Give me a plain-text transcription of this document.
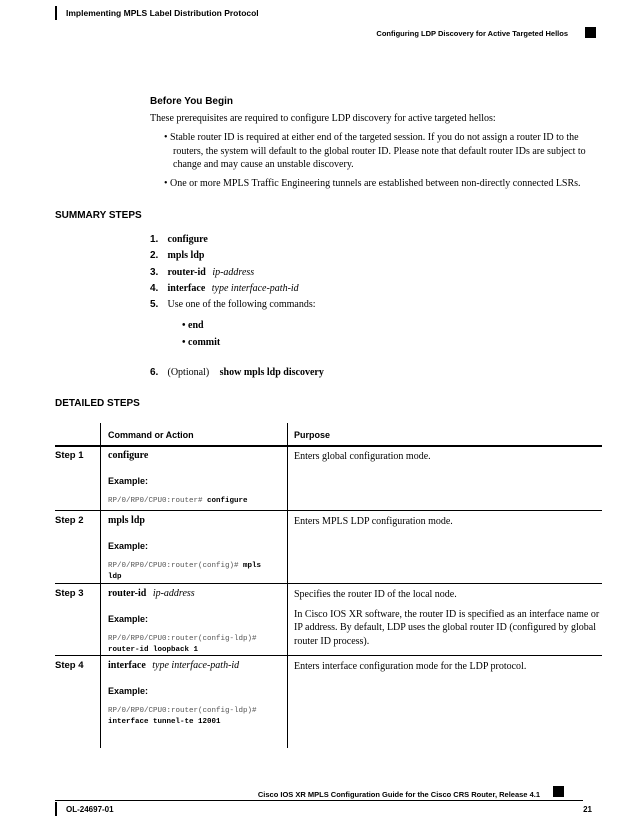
Implementing MPLS Label Distribution Protocol
Configuring LDP Discovery for Active Targeted Hellos
Before You Begin
These prerequisites are required to configure LDP discovery for active targeted hellos:
• Stable router ID is required at either end of the targeted session. If you do not assign a router ID to the
routers, the system will default to the global router ID. Please note that default router IDs are subject to
change and may cause an unstable discovery.
• One or more MPLS Traffic Engineering tunnels are established between non-directly connected LSRs.
SUMMARY STEPS
1. configure
2. mpls ldp
3. router-id ip-address
4. interface type interface-path-id
5. Use one of the following commands:
• end
• commit
6. (Optional) show mpls ldp discovery
DETAILED STEPS
Command or Action	Purpose
Step 1 configure
Example:
RP/0/RP0/CPU0:router# configure
Enters global configuration mode.
Step 2 mpls ldp
Example:
RP/0/RP0/CPU0:router(config)# mpls
ldp
Enters MPLS LDP configuration mode.
Step 3 router-id ip-address
Example:
RP/0/RP0/CPU0:router(config-ldp)#
router-id loopback 1
Specifies the router ID of the local node.
In Cisco IOS XR software, the router ID is specified as an interface name or IP address. By default, LDP uses the global router ID (configured by global router ID process).
Step 4 interface type interface-path-id
Example:
RP/0/RP0/CPU0:router(config-ldp)#
interface tunnel-te 12001
Enters interface configuration mode for the LDP protocol.
Cisco IOS XR MPLS Configuration Guide for the Cisco CRS Router, Release 4.1
OL-24697-01	21
